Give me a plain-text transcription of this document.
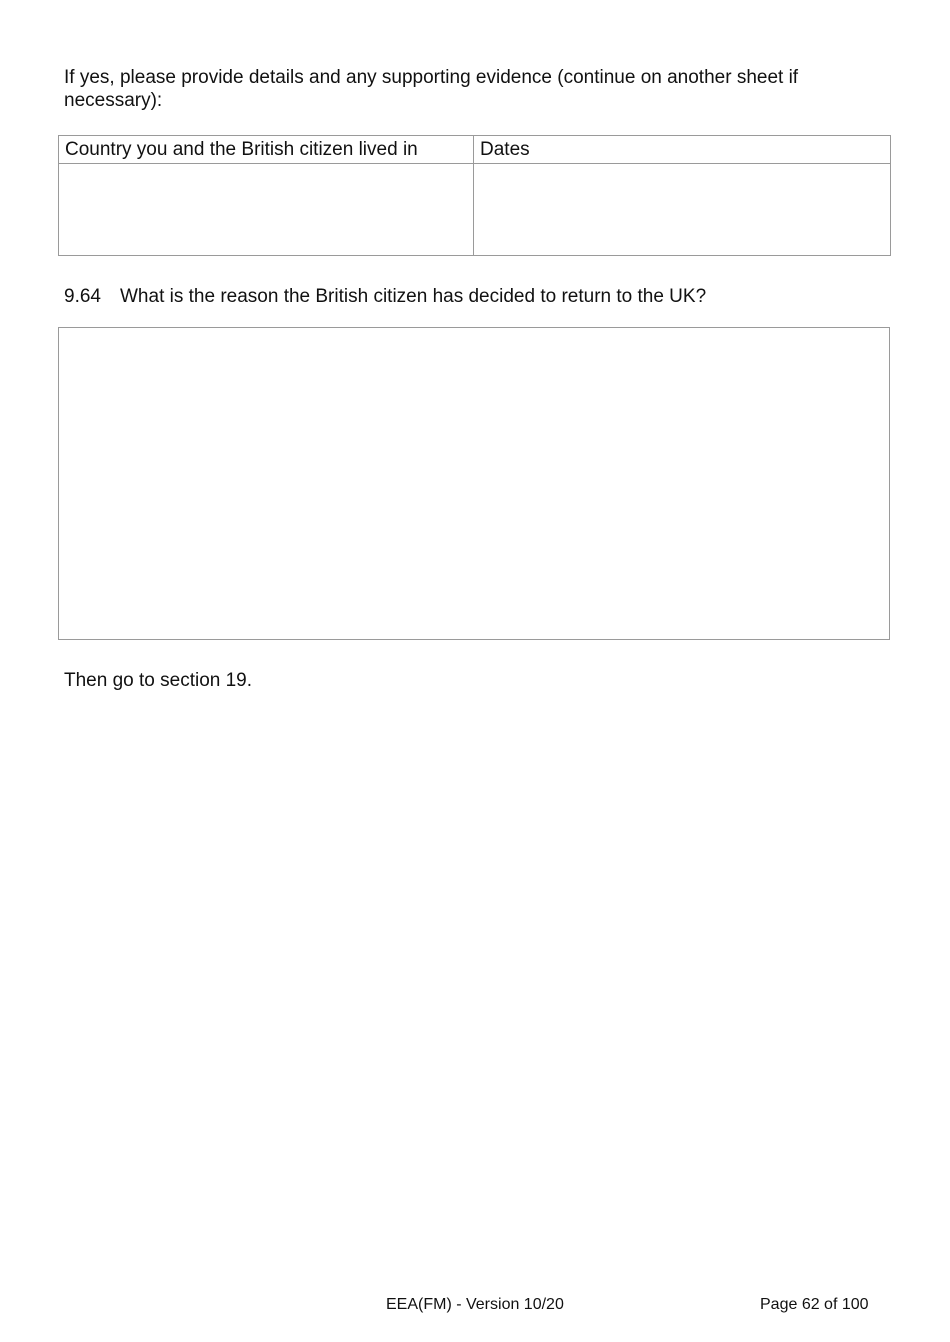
If yes, please provide details and any supporting evidence (continue on another sheet if necessary):

Country you and the British citizen lived in	Dates

9.64 What is the reason the British citizen has decided to return to the UK?

Then go to section 19.

EEA(FM) - Version 10/20	Page 62 of 100
